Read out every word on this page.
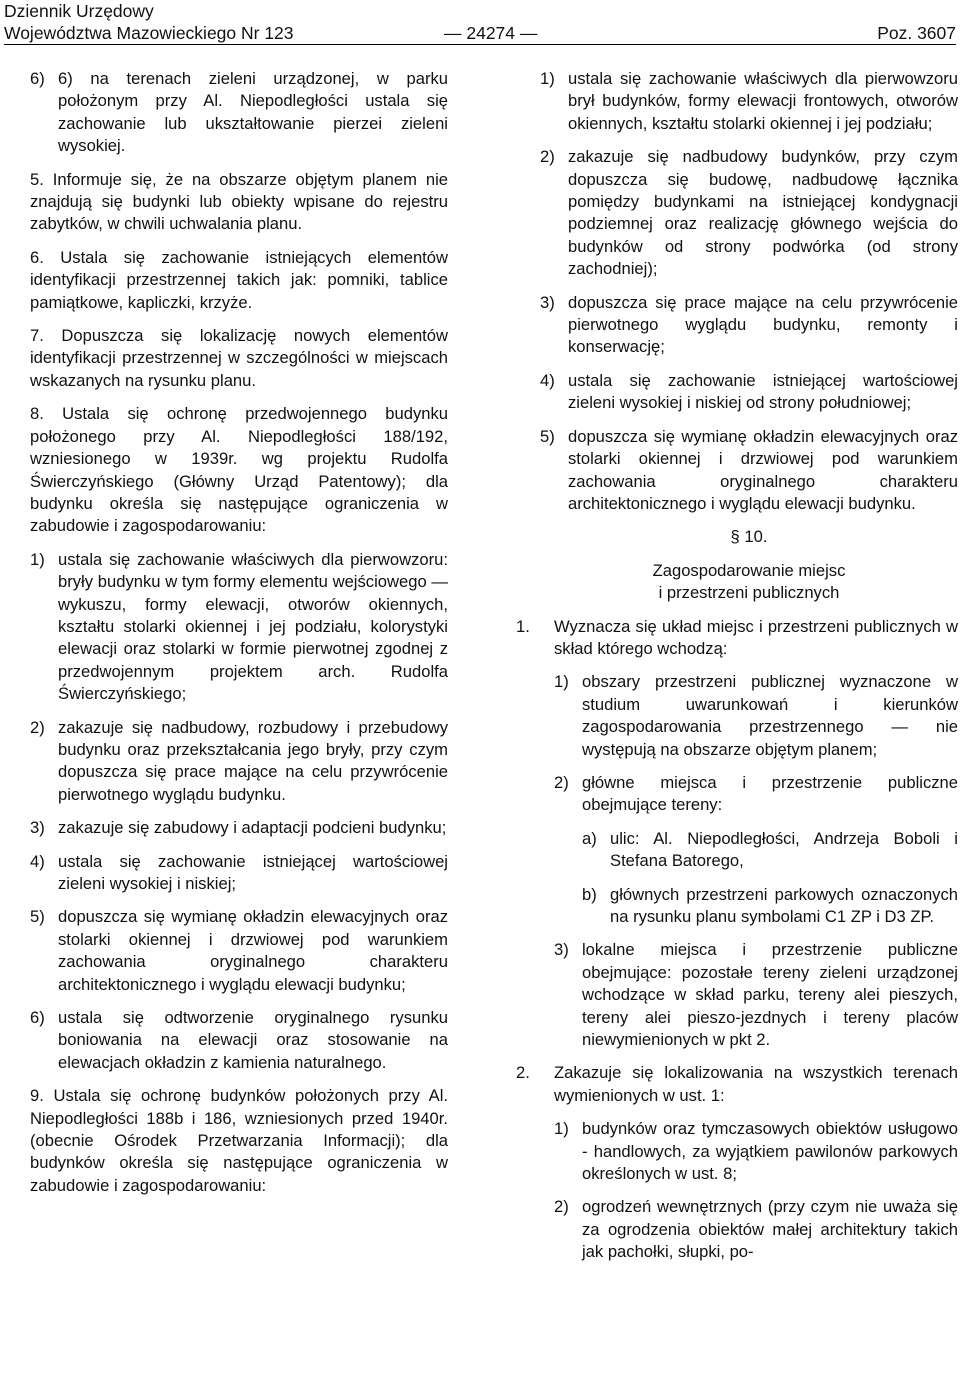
Dziennik Urzędowy
Województwa Mazowieckiego Nr 123	— 24274 —	Poz. 3607
6) 6) na terenach zieleni urządzonej, w parku położonym przy Al. Niepodległości ustala się zachowanie lub ukształtowanie pierzei zieleni wysokiej.

5. Informuje się, że na obszarze objętym planem nie znajdują się budynki lub obiekty wpisane do rejestru zabytków, w chwili uchwalania planu.

6. Ustala się zachowanie istniejących elementów identyfikacji przestrzennej takich jak: pomniki, tablice pamiątkowe, kapliczki, krzyże.

7. Dopuszcza się lokalizację nowych elementów identyfikacji przestrzennej w szczególności w miejscach wskazanych na rysunku planu.

8. Ustala się ochronę przedwojennego budynku położonego przy Al. Niepodległości 188/192, wzniesionego w 1939r. wg projektu Rudolfa Świerczyńskiego (Główny Urząd Patentowy); dla budynku określa się następujące ograniczenia w zabudowie i zagospodarowaniu:

1) ustala się zachowanie właściwych dla pierwowzoru: bryły budynku w tym formy elementu wejściowego — wykuszu, formy elewacji, otworów okiennych, kształtu stolarki okiennej i jej podziału, kolorystyki elewacji oraz stolarki w formie pierwotnej zgodnej z przedwojennym projektem arch. Rudolfa Świerczyńskiego;
2) zakazuje się nadbudowy, rozbudowy i przebudowy budynku oraz przekształcania jego bryły, przy czym dopuszcza się prace mające na celu przywrócenie pierwotnego wyglądu budynku.
3) zakazuje się zabudowy i adaptacji podcieni budynku;
4) ustala się zachowanie istniejącej wartościowej zieleni wysokiej i niskiej;
5) dopuszcza się wymianę okładzin elewacyjnych oraz stolarki okiennej i drzwiowej pod warunkiem zachowania oryginalnego charakteru architektonicznego i wyglądu elewacji budynku;
6) ustala się odtworzenie oryginalnego rysunku boniowania na elewacji oraz stosowanie na elewacjach okładzin z kamienia naturalnego.

9. Ustala się ochronę budynków położonych przy Al. Niepodległości 188b i 186, wzniesionych przed 1940r. (obecnie Ośrodek Przetwarzania Informacji); dla budynków określa się następujące ograniczenia w zabudowie i zagospodarowaniu:

1) ustala się zachowanie właściwych dla pierwowzoru brył budynków, formy elewacji frontowych, otworów okiennych, kształtu stolarki okiennej i jej podziału;
2) zakazuje się nadbudowy budynków, przy czym dopuszcza się budowę, nadbudowę łącznika pomiędzy budynkami na istniejącej kondygnacji podziemnej oraz realizację głównego wejścia do budynków od strony podwórka (od strony zachodniej);
3) dopuszcza się prace mające na celu przywrócenie pierwotnego wyglądu budynku, remonty i konserwację;
4) ustala się zachowanie istniejącej wartościowej zieleni wysokiej i niskiej od strony południowej;
5) dopuszcza się wymianę okładzin elewacyjnych oraz stolarki okiennej i drzwiowej pod warunkiem zachowania oryginalnego charakteru architektonicznego i wyglądu elewacji budynku.
§ 10.
Zagospodarowanie miejsc
i przestrzeni publicznych
1. Wyznacza się układ miejsc i przestrzeni publicznych w skład którego wchodzą:
1) obszary przestrzeni publicznej wyznaczone w studium uwarunkowań i kierunków zagospodarowania przestrzennego — nie występują na obszarze objętym planem;
2) główne miejsca i przestrzenie publiczne obejmujące tereny:
a) ulic: Al. Niepodległości, Andrzeja Boboli i Stefana Batorego,
b) głównych przestrzeni parkowych oznaczonych na rysunku planu symbolami C1 ZP i D3 ZP.
3) lokalne miejsca i przestrzenie publiczne obejmujące: pozostałe tereny zieleni urządzonej wchodzące w skład parku, tereny alei pieszych, tereny alei pieszo-jezdnych i tereny placów niewymienionych w pkt 2.
2. Zakazuje się lokalizowania na wszystkich terenach wymienionych w ust. 1:
1) budynków oraz tymczasowych obiektów usługowo - handlowych, za wyjątkiem pawilonów parkowych określonych w ust. 8;
2) ogrodzeń wewnętrznych (przy czym nie uważa się za ogrodzenia obiektów małej architektury takich jak pachołki, słupki, po-
